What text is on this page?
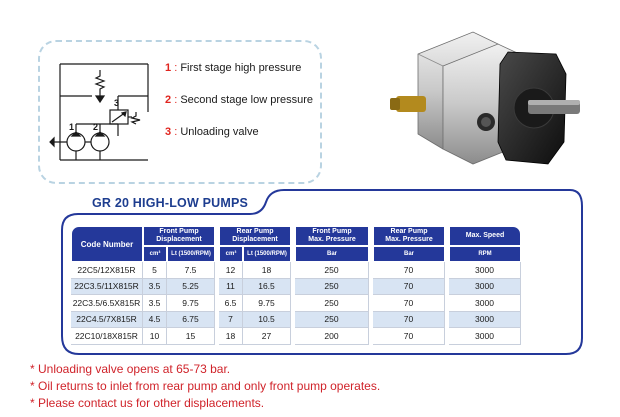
1 2
3
1 : First stage high pressure
2 : Second stage low pressure
3 : Unloading valve
GR 20 HIGH-LOW PUMPS
Code Number
Front Pump
Displacement
cm³	Lt (1500/RPM)
Rear Pump
Displacement
cm³	Lt (1500/RPM)
Front Pump
Max. Pressure
Bar
Rear Pump
Max. Pressure
Bar
Max. Speed
RPM
22C5/12X815R	5	7.5	12	18	250	70	3000
22C3.5/11X815R	3.5	5.25	11	16.5	250	70	3000
22C3.5/6.5X815R 3.5	9.75	6.5	9.75	250	70	3000
22C4.5/7X815R	4.5	6.75	7	10.5	250	70	3000
22C10/18X815R	10	15	18	27	200	70	3000
* Unloading valve opens at 65-73 bar.
* Oil returns to inlet from rear pump and only front pump operates.
* Please contact us for other displacements.
